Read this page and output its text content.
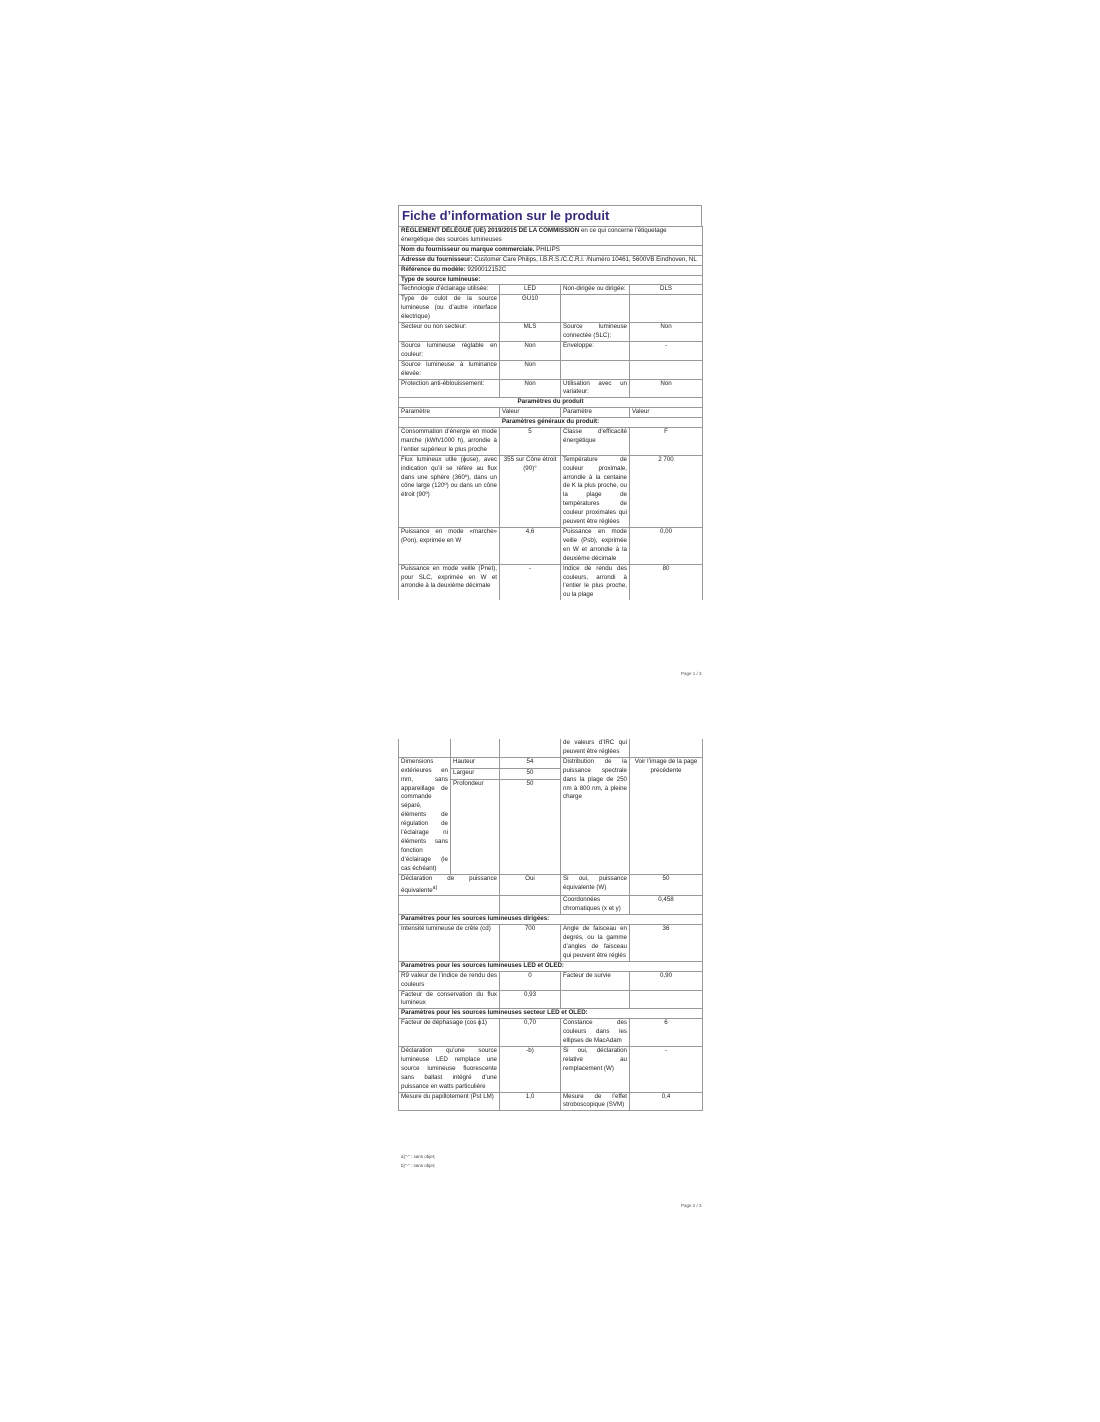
Fiche d’information sur le produit
RÈGLEMENT DÉLÉGUÉ (UE) 2019/2015 DE LA COMMISSION en ce qui concerne l’étiquetage énergétique des sources lumineuses			
Nom du fournisseur ou marque commerciale. PHILIPS			
Adresse du fournisseur: Customer Care Philips, I.B.R.S./C.C.R.I. /Numéro 10461, 5600VB Eindhoven, NL			
Référence du modèle: 9290012152C			
Type de source lumineuse:			
Technologie d’éclairage utilisée:	LED	Non-dirigée ou dirigée:	DLS
Type de culot de la source lumineuse (ou d’autre interface électrique)	GU10		
Secteur ou non secteur:	MLS	Source lumineuse connectée (SLC):	Non
Source lumineuse réglable en couleur:	Non	Enveloppe:	-
Source lumineuse à luminance élevée:	Non		
Protection anti-éblouissement:	Non	Utilisation avec un variateur:	Non
Paramètres du produit			
Paramètre	Valeur	Paramètre	Valeur
Paramètres généraux du produit:			
Consommation d’énergie en mode marche (kWh/1000 h), arrondie à l’entier supérieur le plus proche	5	Classe d’efficacité énergétique	F
Flux lumineux utile (ɸuse), avec indication qu’il se réfère au flux dans une sphère (360º), dans un cône large (120º) ou dans un cône étroit (90º)	355 sur Cône étroit (90)°	Température de couleur proximale, arrondie à la centaine de K la plus proche, ou la plage de températures de couleur proximales qui peuvent être réglées	2 700
Puissance en mode «marche» (Pon), exprimée en W	4,6	Puissance en mode veille (Psb), exprimée en W et arrondie à la deuxième décimale	0,00
Puissance en mode veille (Pnet), pour SLC, exprimée en W et arrondie à la deuxième décimale	-	Indice de rendu des couleurs, arrondi à l’entier le plus proche, ou la plage	80
Page 1 / 3
			de valeurs d’IRC qui peuvent être réglées	
Dimensions extérieures en mm, sans appareillage de commande séparé, éléments de régulation de l’éclairage ni éléments sans fonction d’éclairage (le cas échéant)	Hauteur	54	Distribution de la puissance spectrale dans la plage de 250 nm à 800 nm, à pleine charge	Voir l’image de la page précédente
	Largeur	50		
	Profondeur	50		

Déclaration de puissance équivalente$^{a)}$		Oui	Si oui, puissance équivalente (W)	50
			Coordonnées chromatiques (x et y)	0,458
Paramètres pour les sources lumineuses dirigées:				
Intensité lumineuse de crête (cd)		700	Angle de faisceau en degrés, ou la gamme d’angles de faisceau qui peuvent être réglés	36
Paramètres pour les sources lumineuses LED et OLED:				
R9 valeur de l’indice de rendu des couleurs		0	Facteur de survie	0,90
Facteur de conservation du flux lumineux		0,93		
Paramètres pour les sources lumineuses secteur LED et OLED:				
Facteur de déphasage (cos ɸ1)		0,70	Constance des couleurs dans les ellipses de MacAdam	6
Déclaration qu’une source lumineuse LED remplace une source lumineuse fluorescente sans ballast intégré d’une puissance en watts particulière		-b)	Si oui, déclaration relative au remplacement (W)	-
Mesure du papillotement (Pst LM)		1,0	Mesure de l’effet stroboscopique (SVM)	0,4
a)"-" : sans objet;
b)"-" : sans objet;
Page 2 / 3
